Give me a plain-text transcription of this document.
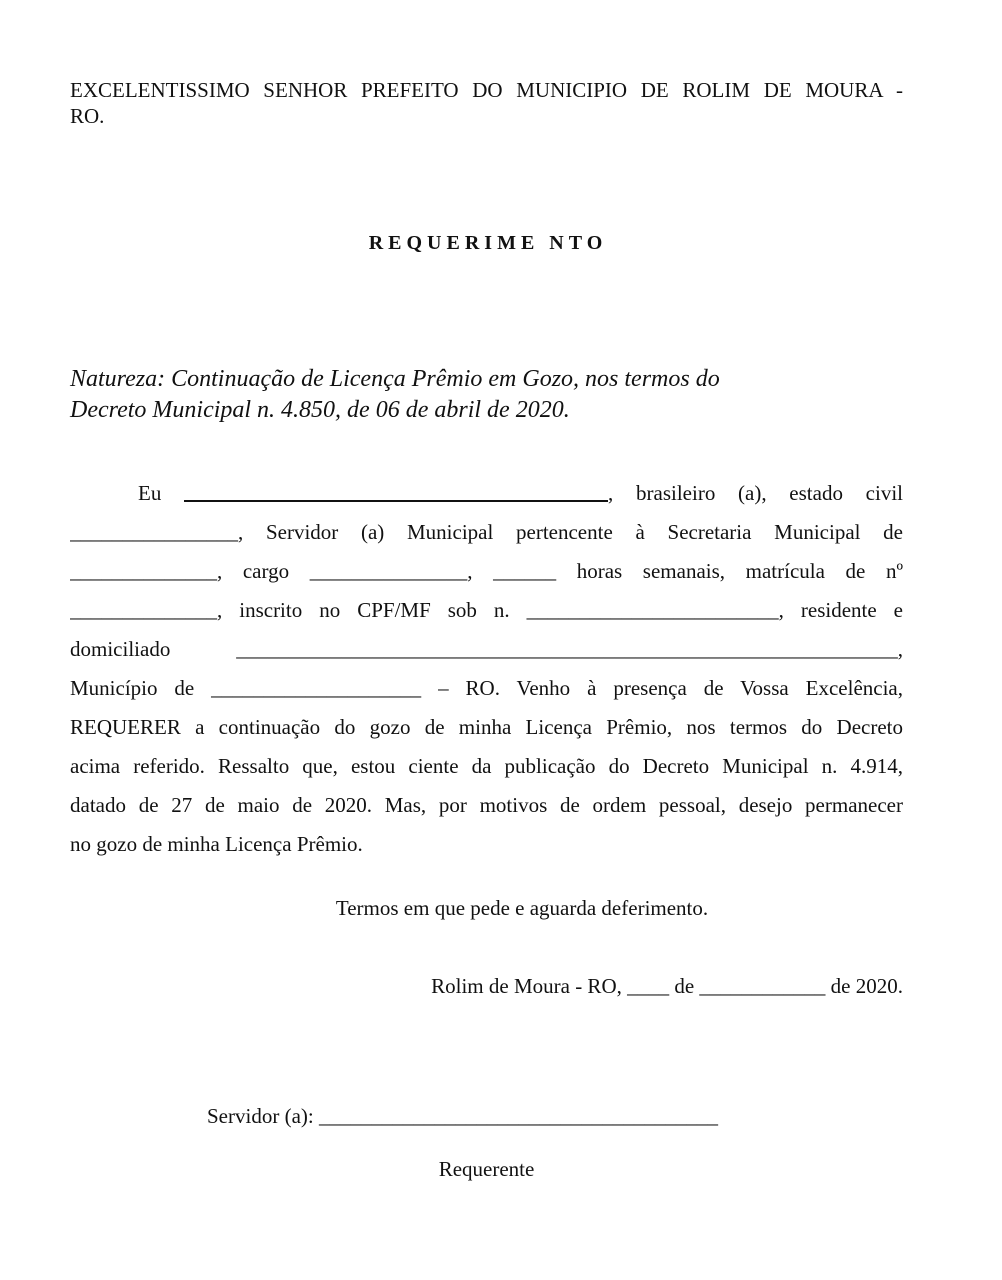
EXCELENTISSIMO SENHOR PREFEITO DO MUNICIPIO DE ROLIM DE MOURA - RO.
REQUERIME NTO
Natureza: Continuação de Licença Prêmio em Gozo, nos termos do
Decreto Municipal n. 4.850, de 06 de abril de 2020.
Eu	, brasileiro (a), estado civil
________________, Servidor (a) Municipal pertencente à Secretaria Municipal de
______________, cargo _______________, ______ horas semanais, matrícula de nº
______________, inscrito no CPF/MF sob n. ________________________, residente e
domiciliado	_______________________________________________________________,
Município de ____________________ – RO. Venho à presença de Vossa Excelência,
REQUERER a continuação do gozo de minha Licença Prêmio, nos termos do Decreto
acima referido. Ressalto que, estou ciente da publicação do Decreto Municipal n. 4.914,
datado de 27 de maio de 2020. Mas, por motivos de ordem pessoal, desejo permanecer
no gozo de minha Licença Prêmio.
Termos em que pede e aguarda deferimento.
Rolim de Moura - RO, ____ de ____________ de 2020.
Servidor (a): ______________________________________
Requerente
